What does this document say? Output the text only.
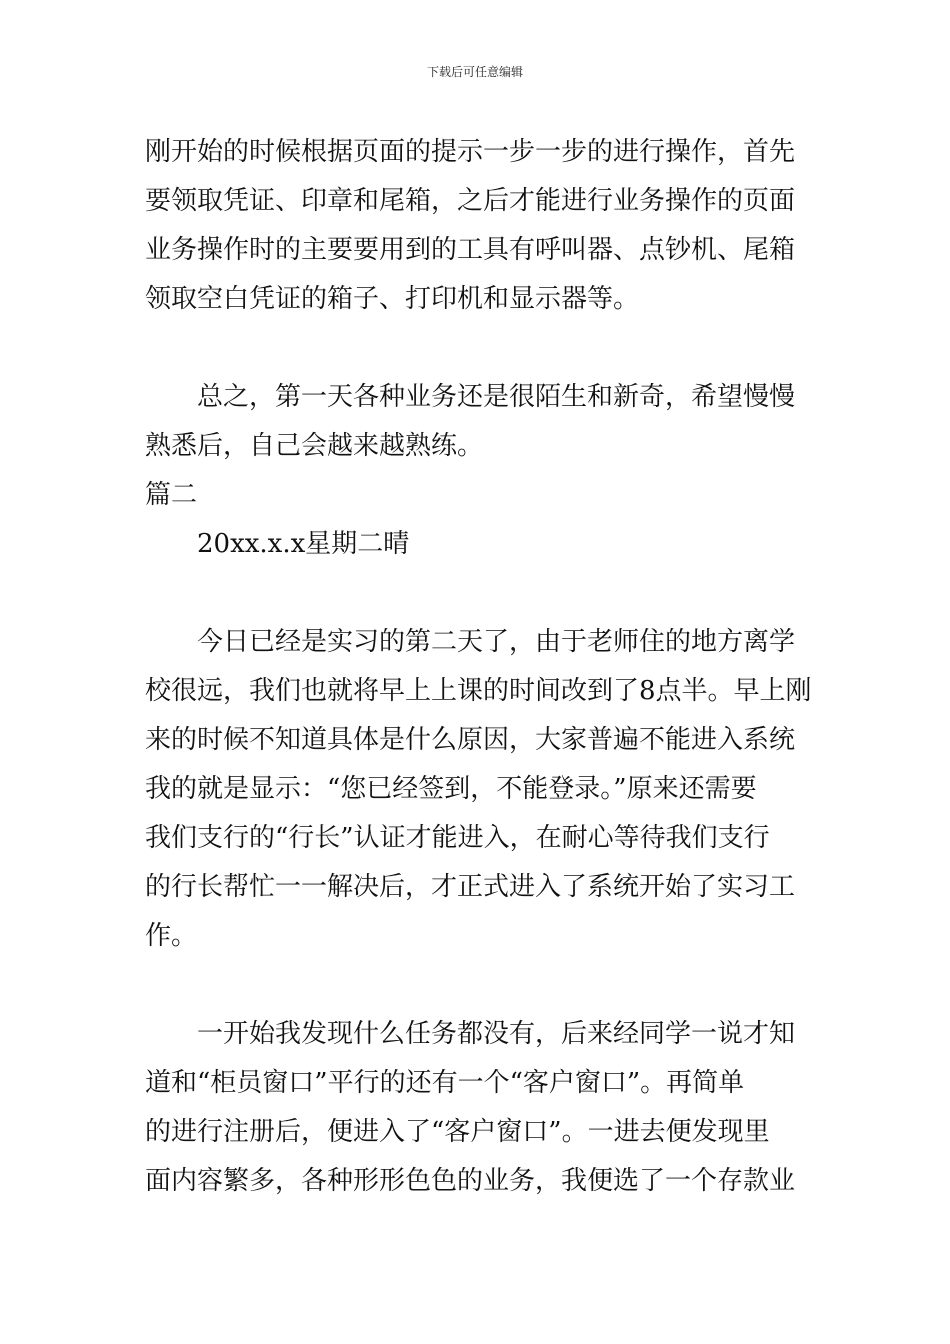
下载后可任意编辑
刚开始的时候根据页面的提示一步一步的进行操作，首先
要领取凭证、印章和尾箱，之后才能进行业务操作的页面
业务操作时的主要要用到的工具有呼叫器、点钞机、尾箱
领取空白凭证的箱子、打印机和显示器等。
　　总之，第一天各种业务还是很陌生和新奇，希望慢慢
熟悉后，自己会越来越熟练。
篇二
　　20xx.x.x星期二晴
　　今日已经是实习的第二天了，由于老师住的地方离学
校很远，我们也就将早上上课的时间改到了8点半。早上刚
来的时候不知道具体是什么原因，大家普遍不能进入系统
我的就是显示：“您已经签到，不能登录。”原来还需要
我们支行的“行长”认证才能进入，在耐心等待我们支行
的行长帮忙一一解决后，才正式进入了系统开始了实习工
作。
　　一开始我发现什么任务都没有，后来经同学一说才知
道和“柜员窗口”平行的还有一个“客户窗口”。再简单
的进行注册后，便进入了“客户窗口”。一进去便发现里
面内容繁多，各种形形色色的业务，我便选了一个存款业
